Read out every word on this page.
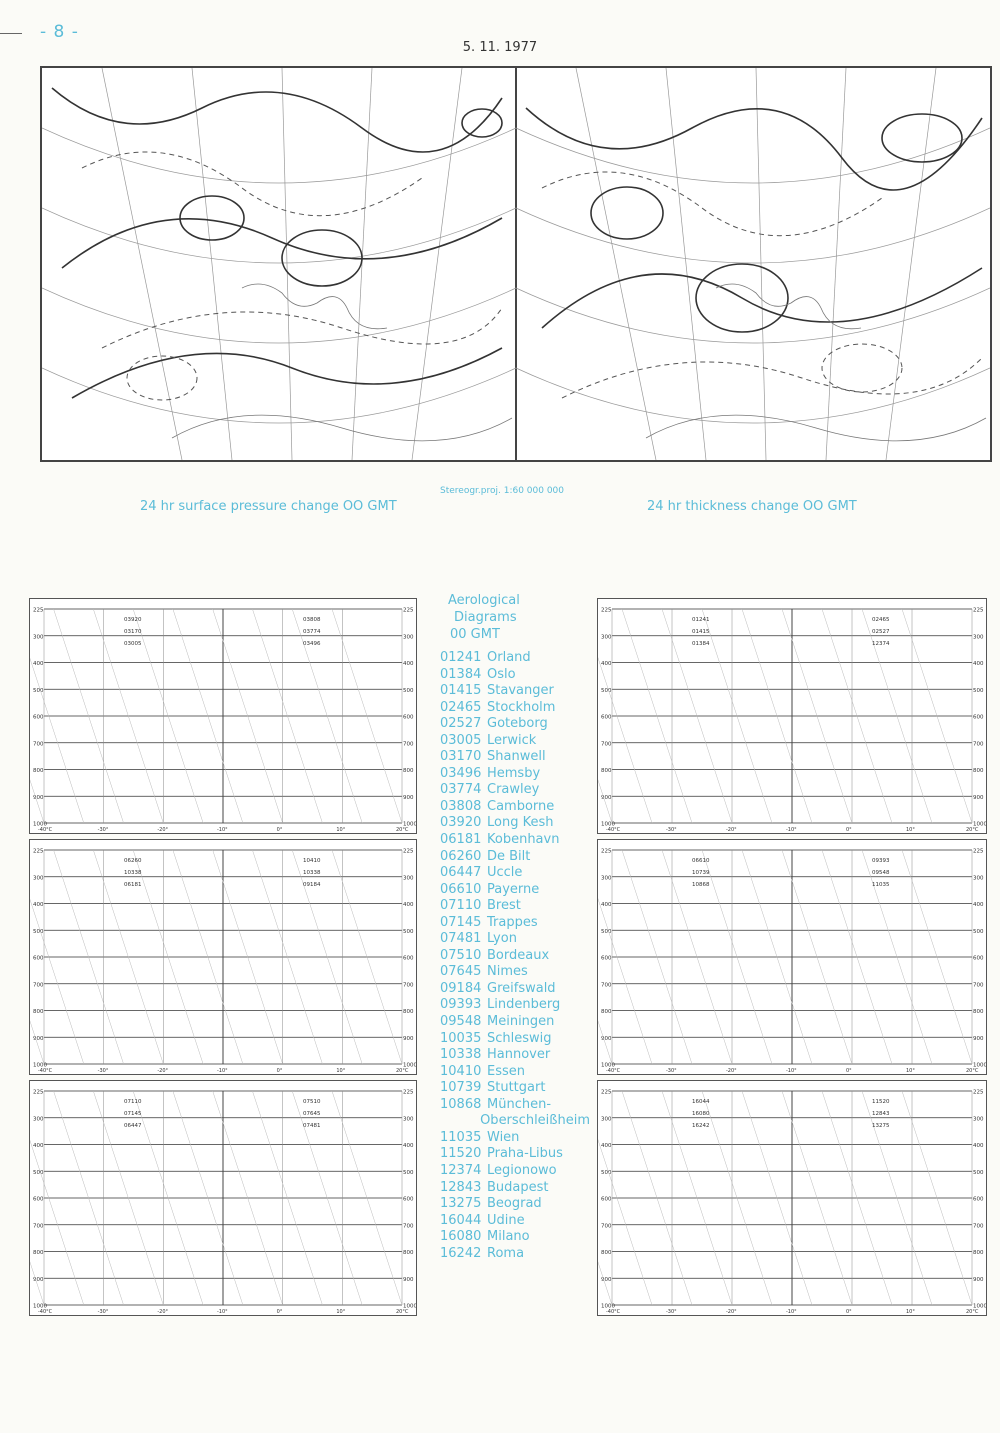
- 8 -
5. 11. 1977
24 hr surface pressure change OO GMT
Stereogr.proj. 1:60 000 000
24 hr thickness change OO GMT
225	225
300	300
400	400
500	500
600	600
700	700
800	800
900	900
1000	1000
-40°C	-30°	-20°	-10°	0°	10°	20°C
03920
03170
03005
03808
03774
03496
225	225
300	300
400	400
500	500
600	600
700	700
800	800
900	900
1000	1000
-40°C	-30°	-20°	-10°	0°	10°	20°C
06260
10338
06181
10410
10338
09184
225	225
300	300
400	400
500	500
600	600
700	700
800	800
900	900
1000	1000
-40°C	-30°	-20°	-10°	0°	10°	20°C
07110
07145
06447
07510
07645
07481
225	225
300	300
400	400
500	500
600	600
700	700
800	800
900	900
1000	1000
-40°C	-30°	-20°	-10°	0°	10°	20°C
01241
01415
01384
02465
02527
12374
225	225
300	300
400	400
500	500
600	600
700	700
800	800
900	900
1000	1000
-40°C	-30°	-20°	-10°	0°	10°	20°C
06610
10739
10868
09393
09548
11035
225	225
300	300
400	400
500	500
600	600
700	700
800	800
900	900
1000	1000
-40°C	-30°	-20°	-10°	0°	10°	20°C
16044
16080
16242
11520
12843
13275
Aerological
Diagrams
00 GMT
01241 Orland
01384 Oslo
01415 Stavanger
02465 Stockholm
02527 Goteborg
03005 Lerwick
03170 Shanwell
03496 Hemsby
03774 Crawley
03808 Camborne
03920 Long Kesh
06181 Kobenhavn
06260 De Bilt
06447 Uccle
06610 Payerne
07110 Brest
07145 Trappes
07481 Lyon
07510 Bordeaux
07645 Nimes
09184 Greifswald
09393 Lindenberg
09548 Meiningen
10035 Schleswig
10338 Hannover
10410 Essen
10739 Stuttgart
10868 München-
Oberschleißheim
11035 Wien
11520 Praha-Libus
12374 Legionowo
12843 Budapest
13275 Beograd
16044 Udine
16080 Milano
16242 Roma
